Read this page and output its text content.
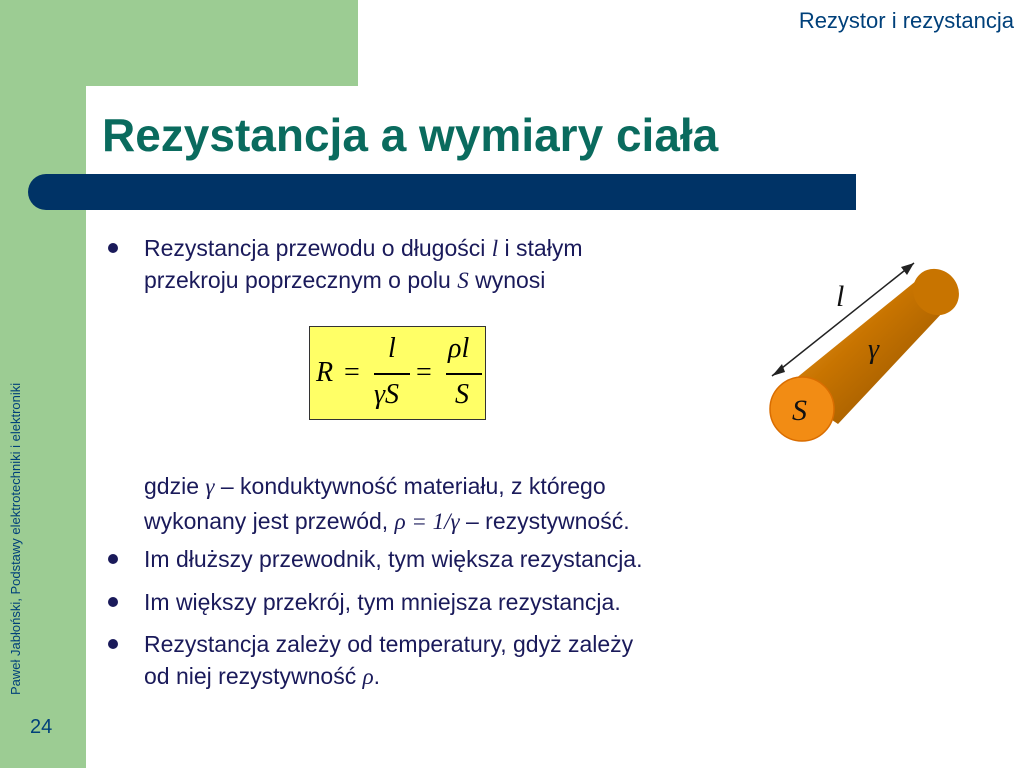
Rezystor i rezystancja
Paweł Jabłoński, Podstawy elektrotechniki i elektroniki
24
Rezystancja a wymiary ciała
Rezystancja przewodu o długości l i stałym
przekroju poprzecznym o polu S wynosi
R =
l
γS
=
ρl
S
gdzie γ – konduktywność materiału, z którego
wykonany jest przewód, ρ = 1/γ – rezystywność.
Im dłuższy przewodnik, tym większa rezystancja.
Im większy przekrój, tym mniejsza rezystancja.
Rezystancja zależy od temperatury, gdyż zależy
od niej rezystywność ρ.
l
γ
S
